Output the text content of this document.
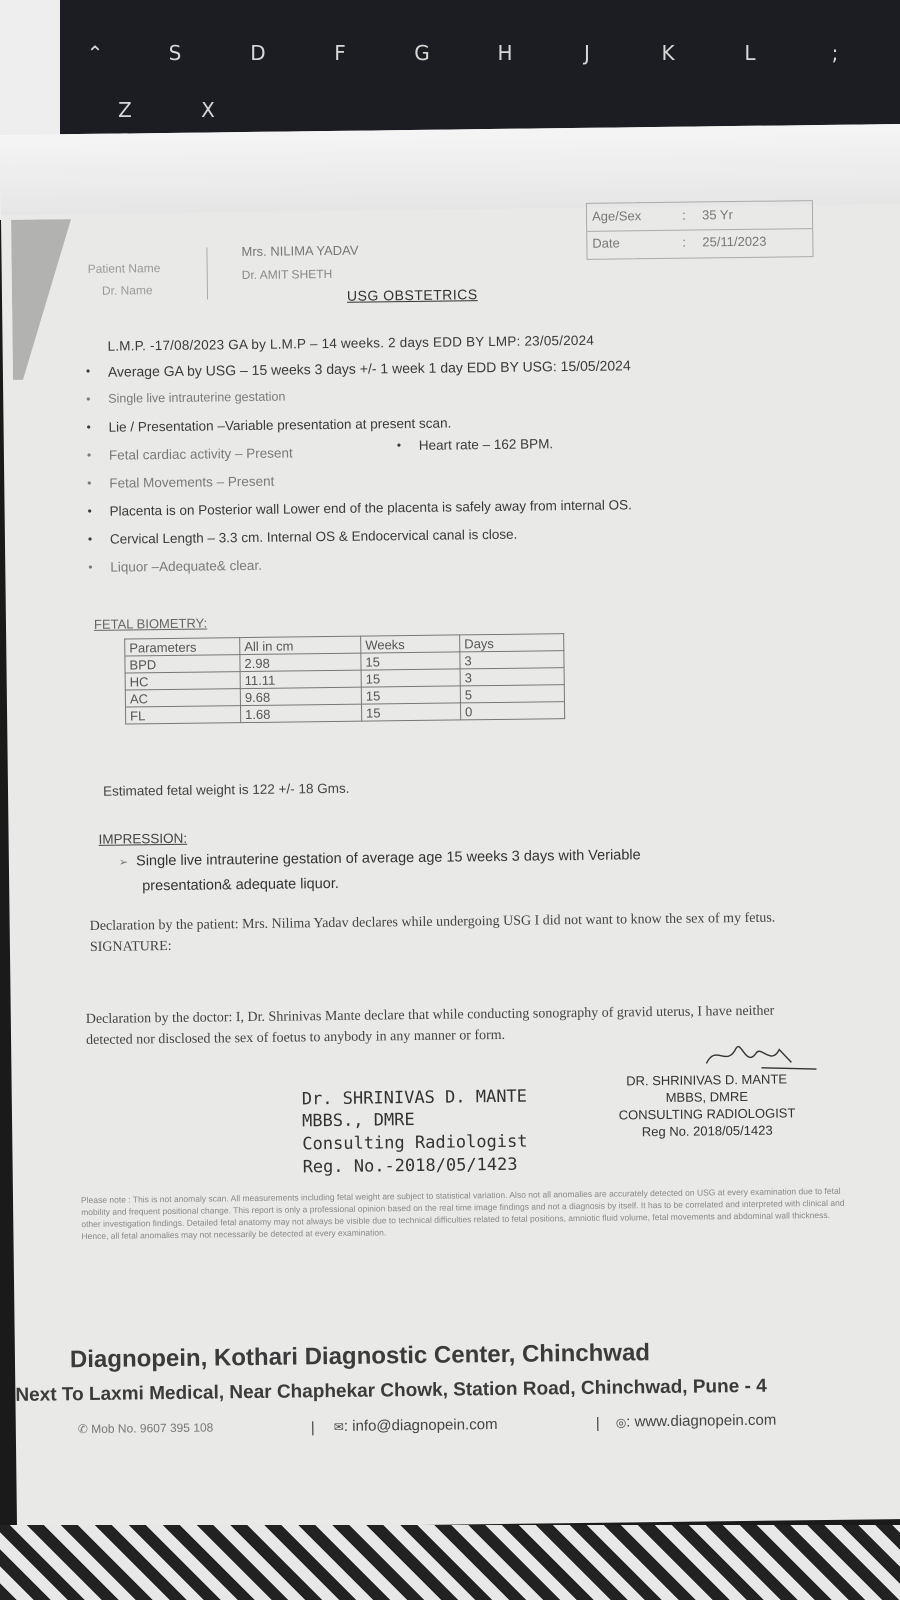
⌃	S	D	F	G	H	J	K	L	;
Z	X
Patient Name
Dr. Name
Mrs. NILIMA YADAV
Dr. AMIT SHETH
Age/Sex	: 35 Yr
Date	: 25/11/2023
USG OBSTETRICS
L.M.P. -17/08/2023 GA by L.M.P – 14 weeks. 2 days EDD BY LMP: 23/05/2024
• Average GA by USG – 15 weeks 3 days +/- 1 week 1 day EDD BY USG: 15/05/2024
• Single live intrauterine gestation
• Lie / Presentation –Variable presentation at present scan.
• Fetal cardiac activity – Present
• Heart rate – 162 BPM.
• Fetal Movements – Present
• Placenta is on Posterior wall Lower end of the placenta is safely away from internal OS.
• Cervical Length – 3.3 cm. Internal OS & Endocervical canal is close.
• Liquor –Adequate& clear.
FETAL BIOMETRY:
Parameters	All in cm	Weeks	Days
BPD	2.98	15	3
HC	11.11	15	3
AC	9.68	15	5
FL	1.68	15	0
Estimated fetal weight is 122 +/- 18 Gms.
IMPRESSION:
➢ Single live intrauterine gestation of average age 15 weeks 3 days with Veriable
presentation& adequate liquor.
Declaration by the patient: Mrs. Nilima Yadav declares while undergoing USG I did not want to know the sex of my fetus. SIGNATURE:
Declaration by the doctor: I, Dr. Shrinivas Mante declare that while conducting sonography of gravid uterus, I have neither detected nor disclosed the sex of foetus to anybody in any manner or form.
Dr. SHRINIVAS D. MANTE
MBBS., DMRE
Consulting Radiologist
Reg. No.-2018/05/1423
DR. SHRINIVAS D. MANTE
MBBS, DMRE
CONSULTING RADIOLOGIST
Reg No. 2018/05/1423
Please note : This is not anomaly scan. All measurements including fetal weight are subject to statistical variation. Also not all anomalies are accurately detected on USG at every examination due to fetal mobility and frequent positional change. This report is only a professional opinion based on the real time image findings and not a diagnosis by itself. It has to be correlated and interpreted with clinical and other investigation findings. Detailed fetal anatomy may not always be visible due to technical difficulties related to fetal positions, amniotic fluid volume, fetal movements and abdominal wall thickness. Hence, all fetal anomalies may not necessarily be detected at every examination.
Diagnopein, Kothari Diagnostic Center, Chinchwad
Next To Laxmi Medical, Near Chaphekar Chowk, Station Road, Chinchwad, Pune - 4
✆ Mob No. 9607 395 108	| ✉: info@diagnopein.com	| ◎: www.diagnopein.com
